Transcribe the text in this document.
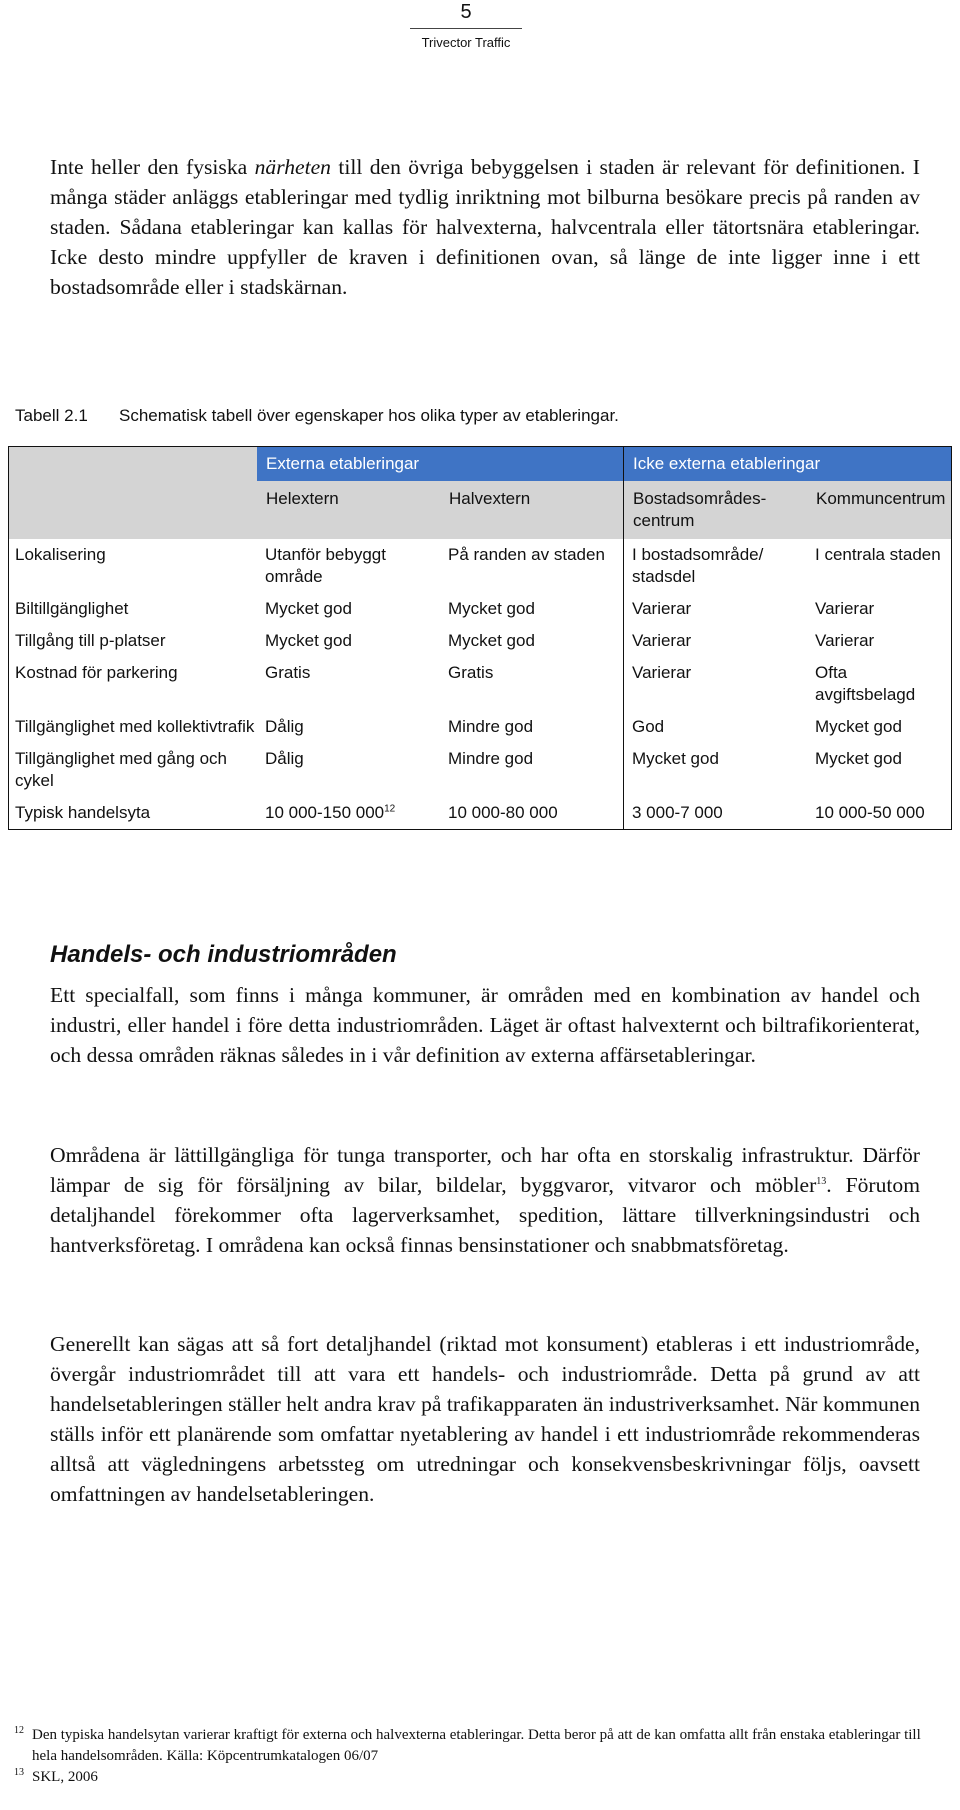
5
Trivector Traffic

Inte heller den fysiska närheten till den övriga bebyggelsen i staden är relevant för definitionen. I många städer anläggs etableringar med tydlig inriktning mot bilburna besökare precis på randen av staden. Sådana etableringar kan kallas för halvexterna, halvcentrala eller tätortsnära etableringar. Icke desto mindre uppfyller de kraven i definitionen ovan, så länge de inte ligger inne i ett bostadsområde eller i stadskärnan.

Tabell 2.1 Schematisk tabell över egenskaper hos olika typer av etableringar.
	Externa etableringar		Icke externa etableringar	
	Helextern	Halvextern	Bostadsområdes-centrum	Kommuncentrum
Lokalisering	Utanför bebyggt område	På randen av staden	I bostadsområde/ stadsdel	I centrala staden
Biltillgänglighet	Mycket god	Mycket god	Varierar	Varierar
Tillgång till p-platser	Mycket god	Mycket god	Varierar	Varierar
Kostnad för parkering	Gratis	Gratis	Varierar	Ofta avgiftsbelagd
Tillgänglighet med kollektivtrafik	Dålig	Mindre god	God	Mycket god
Tillgänglighet med gång och cykel	Dålig	Mindre god	Mycket god	Mycket god
Typisk handelsyta	10 000-150 $000^{12}$	10 000-80 000	3 000-7 000	10 000-50 000
Handels- och industriområden

Ett specialfall, som finns i många kommuner, är områden med en kombination av handel och industri, eller handel i före detta industriområden. Läget är oftast halvexternt och biltrafikorienterat, och dessa områden räknas således in i vår definition av externa affärsetableringar.

Områdena är lättillgängliga för tunga transporter, och har ofta en storskalig infrastruktur. Därför lämpar de sig för försäljning av bilar, bildelar, byggvaror, vitvaror och möbler$^{13}$. Förutom detaljhandel förekommer ofta lagerverksamhet, spedition, lättare tillverkningsindustri och hantverksföretag. I områdena kan också finnas bensinstationer och snabbmatsföretag.

Generellt kan sägas att så fort detaljhandel (riktad mot konsument) etableras i ett industriområde, övergår industriområdet till att vara ett handels- och industriområde. Detta på grund av att handelsetableringen ställer helt andra krav på trafikapparaten än industriverksamhet. När kommunen ställs inför ett planärende som omfattar nyetablering av handel i ett industriområde rekommenderas alltså att vägledningens arbetssteg om utredningar och konsekvensbeskrivningar följs, oavsett omfattningen av handelsetableringen.

12 Den typiska handelsytan varierar kraftigt för externa och halvexterna etableringar. Detta beror på att de kan omfatta allt från enstaka etableringar till hela handelsområden. Källa: Köpcentrumkatalogen 06/07
13 SKL, 2006
